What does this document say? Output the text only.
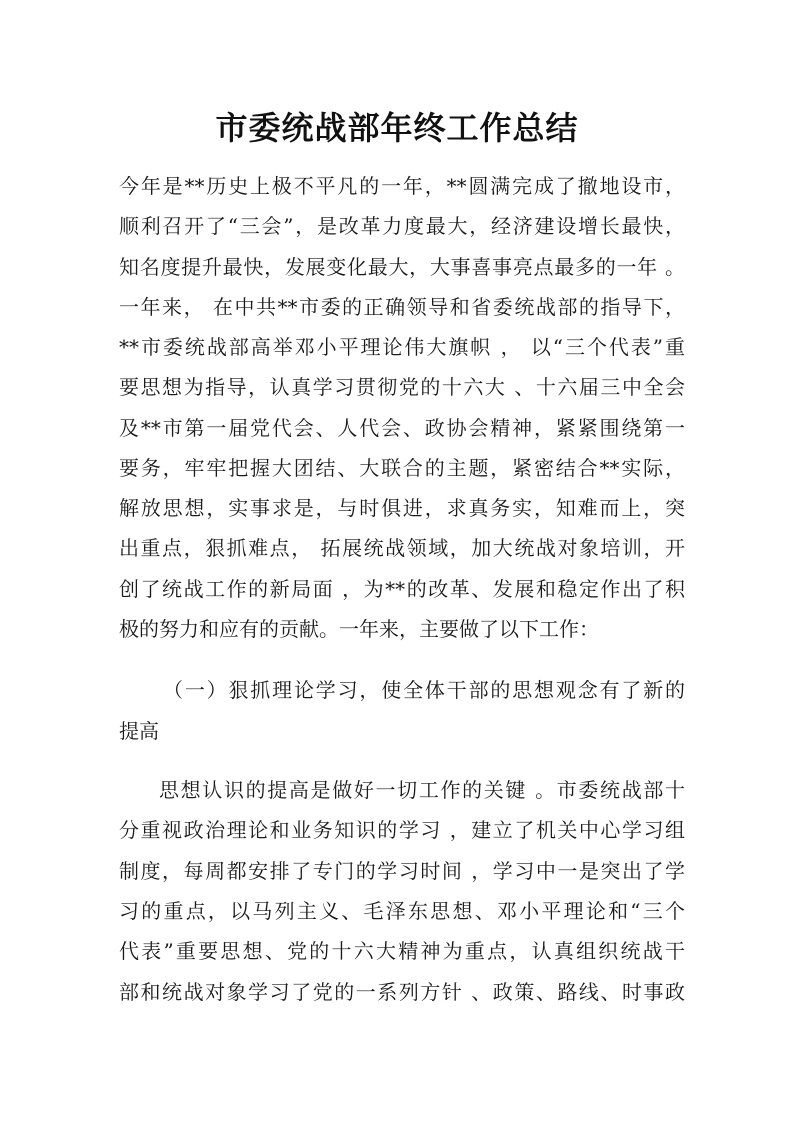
市委统战部年终工作总结
今年是**历史上极不平凡的一年，**圆满完成了撤地设市，
顺利召开了“三会”，是改革力度最大，经济建设增长最快，
知名度提升最快，发展变化最大，大事喜事亮点最多的一年 。
一年来， 在中共**市委的正确领导和省委统战部的指导下，
**市委统战部高举邓小平理论伟大旗帜 ， 以“三个代表”重
要思想为指导，认真学习贯彻党的十六大 、十六届三中全会
及**市第一届党代会、人代会、政协会精神，紧紧围绕第一
要务，牢牢把握大团结、大联合的主题，紧密结合**实际，
解放思想，实事求是，与时俱进，求真务实，知难而上，突
出重点，狠抓难点， 拓展统战领域，加大统战对象培训，开
创了统战工作的新局面 ，为**的改革、发展和稳定作出了积
极的努力和应有的贡献。一年来，主要做了以下工作：
（一）狠抓理论学习，使全体干部的思想观念有了新的
提高
思想认识的提高是做好一切工作的关键 。市委统战部十
分重视政治理论和业务知识的学习 ，建立了机关中心学习组
制度，每周都安排了专门的学习时间 ，学习中一是突出了学
习的重点，以马列主义、毛泽东思想、邓小平理论和“三个
代表”重要思想、党的十六大精神为重点，认真组织统战干
部和统战对象学习了党的一系列方针 、政策、路线、时事政
